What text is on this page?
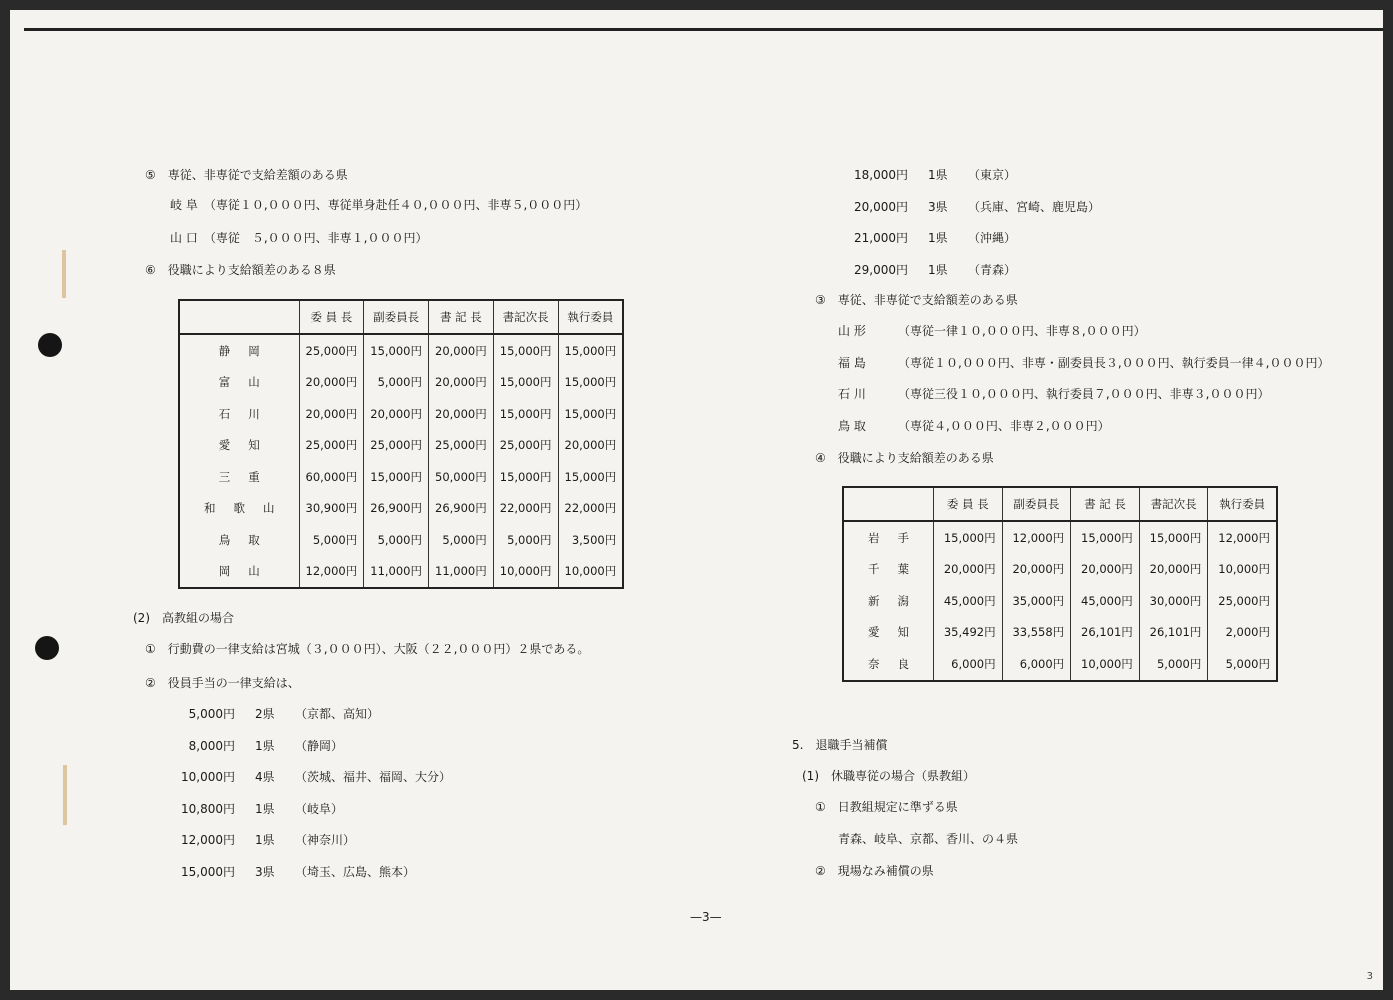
⑤　専従、非専従で支給差額のある県
岐 阜　（専従１０,０００円、専従単身赴任４０,０００円、非専５,０００円）
山 口　（専従　５,０００円、非専１,０００円）
⑥　役職により支給額差のある８県
	委 員 長	副委員長	書 記 長	書記次長	執行委員
静岡	25,000円	15,000円	20,000円	15,000円	15,000円
富山	20,000円	5,000円	20,000円	15,000円	15,000円
石川	20,000円	20,000円	20,000円	15,000円	15,000円
愛知	25,000円	25,000円	25,000円	25,000円	20,000円
三重	60,000円	15,000円	50,000円	15,000円	15,000円
和歌山	30,900円	26,900円	26,900円	22,000円	22,000円
鳥取	5,000円	5,000円	5,000円	5,000円	3,500円
岡山	12,000円	11,000円	11,000円	10,000円	10,000円
(2)　高教組の場合
①　行動費の一律支給は宮城（３,０００円）、大阪（２２,０００円）２県である。
②　役員手当の一律支給は、
5,000円 2県 （京都、高知）
8,000円 1県 （静岡）
10,000円 4県 （茨城、福井、福岡、大分）
10,800円 1県 （岐阜）
12,000円 1県 （神奈川）
15,000円 3県 （埼玉、広島、熊本）
18,000円 1県 （東京）
20,000円 3県 （兵庫、宮崎、鹿児島）
21,000円 1県 （沖縄）
29,000円 1県 （青森）
③　専従、非専従で支給額差のある県
山 形	（専従一律１０,０００円、非専８,０００円）
福 島	（専従１０,０００円、非専・副委員長３,０００円、執行委員一律４,０００円）
石 川	（専従三役１０,０００円、執行委員７,０００円、非専３,０００円）
鳥 取	（専従４,０００円、非専２,０００円）
④　役職により支給額差のある県
	委 員 長	副委員長	書 記 長	書記次長	執行委員
岩手	15,000円	12,000円	15,000円	15,000円	12,000円
千葉	20,000円	20,000円	20,000円	20,000円	10,000円
新潟	45,000円	35,000円	45,000円	30,000円	25,000円
愛知	35,492円	33,558円	26,101円	26,101円	2,000円
奈良	6,000円	6,000円	10,000円	5,000円	5,000円
5.　退職手当補償
(1)　休職専従の場合（県教組）
①　日教組規定に準ずる県
青森、岐阜、京都、香川、の４県
②　現場なみ補償の県
—3—
3
